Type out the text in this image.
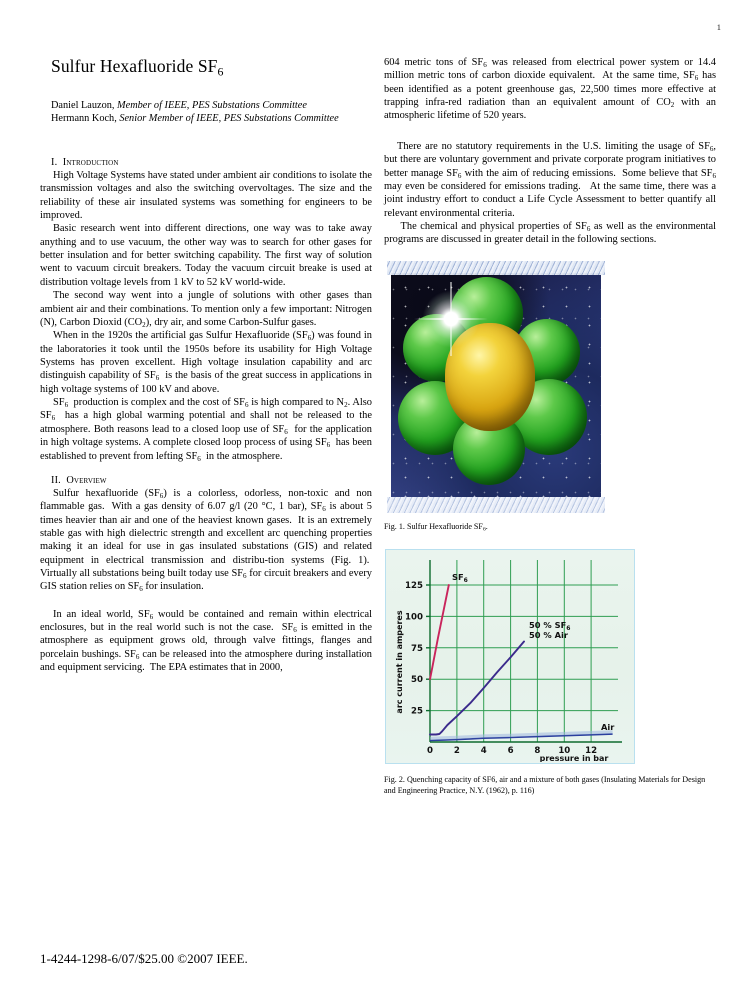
1
Sulfur Hexafluoride $SF_6$
Daniel Lauzon, Member of IEEE, PES Substations Committee
Hermann Koch, Senior Member of IEEE, PES Substations Committee
I. Introduction

High Voltage Systems have stated under ambient air conditions to isolate the transmission voltages and also the switching overvoltages. The size and the reliability of these air insulated systems was something for engineers to be improved.

Basic research went into different directions, one way was to take away anything and to use vacuum, the other way was to search for other gases for better insulation and for better switching capability. The first way of solution went to vacuum circuit breakers. Today the vacuum circuit breake is used at distribution voltage levels from 1 kV to 52 kV world-wide.

The second way went into a jungle of solutions with other gases than ambient air and their combinations. To mention only a few important: Nitrogen (N), Carbon Dioxid $(CO_2)$, dry air, and some Carbon-Sulfur gases.

When in the 1920s the artificial gas Sulfur Hexafluoride $(SF_6)$ was found in the laboratories it took until the 1950s before its usability for High Voltage Systems has proven excellent. High voltage insulation capability and arc distinguish capability of $SF_6$  is the basis of the great success in applications in high voltage systems of 100 kV and above.

$SF_6$  production is complex and the cost of $SF_6$ is high compared to $N_2$. Also $SF_6$  has a high global warming potential and shall not be released to the atmosphere. Both reasons lead to a closed loop use of $SF_6$  for the application in high voltage systems. A complete closed loop process of using $SF_6$  has been established to prevent from lefting $SF_6$  in the atmosphere.

II. Overview

Sulfur hexafluoride $(SF_6)$ is a colorless, odorless, non-toxic and non flammable gas.  With a gas density of 6.07 g/l (20 °C, 1 bar), $SF_6$ is about 5 times heavier than air and one of the heaviest known gases.  It is an extremely stable gas with high dielectric strength and excellent arc quenching properties making it an ideal for use in gas insulated substations (GIS) and related equipment in electrical transmission and distribu-tion systems (Fig. 1).  Virtually all substations being built today use $SF_6$ for circuit breakers and every GIS station relies on $SF_6$ for insulation.

In an ideal world, $SF_6$ would be contained and remain within electrical enclosures, but in the real world such is not the case.  $SF_6$ is emitted in the atmosphere as equipment grows old, through valve fittings, flanges and porcelain bushings. $SF_6$ can be released into the atmosphere during installation and equipment servicing.  The EPA estimates that in 2000,

604 metric tons of $SF_6$ was released from electrical power system or 14.4 million metric tons of carbon dioxide equivalent.  At the same time, $SF_6$ has been identified as a potent greenhouse gas, 22,500 times more effective at trapping infra-red radiation than an equivalent amount of $CO_2$ with an atmospheric lifetime of 520 years.

There are no statutory requirements in the U.S. limiting the usage of $SF_6$, but there are voluntary government and private corporate program initiatives to better manage $SF_6$ with the aim of reducing emissions.  Some believe that $SF_6$ may even be considered for emissions trading.   At the same time, there was a joint industry effort to conduct a Life Cycle Assessment to better quantify all relevant environmental criteria.

The chemical and physical properties of $SF_6$ as well as the environmental programs are discussed in greater detail in the following sections.

Fig. 1. Sulfur Hexafluoride $SF_6$.
25
50
75
100
125
0 2 4 6 8 10 12
arc current in amperes
pressure in bar
$SF_6$
50 % $SF_6$
50 % Air
Air
Fig. 2. Quenching capacity of SF6, air and a mixture of both gases (Insulating Materials for Design and Engineering Practice, N.Y. (1962), p. 116)
1-4244-1298-6/07/$25.00 ©2007 IEEE.
